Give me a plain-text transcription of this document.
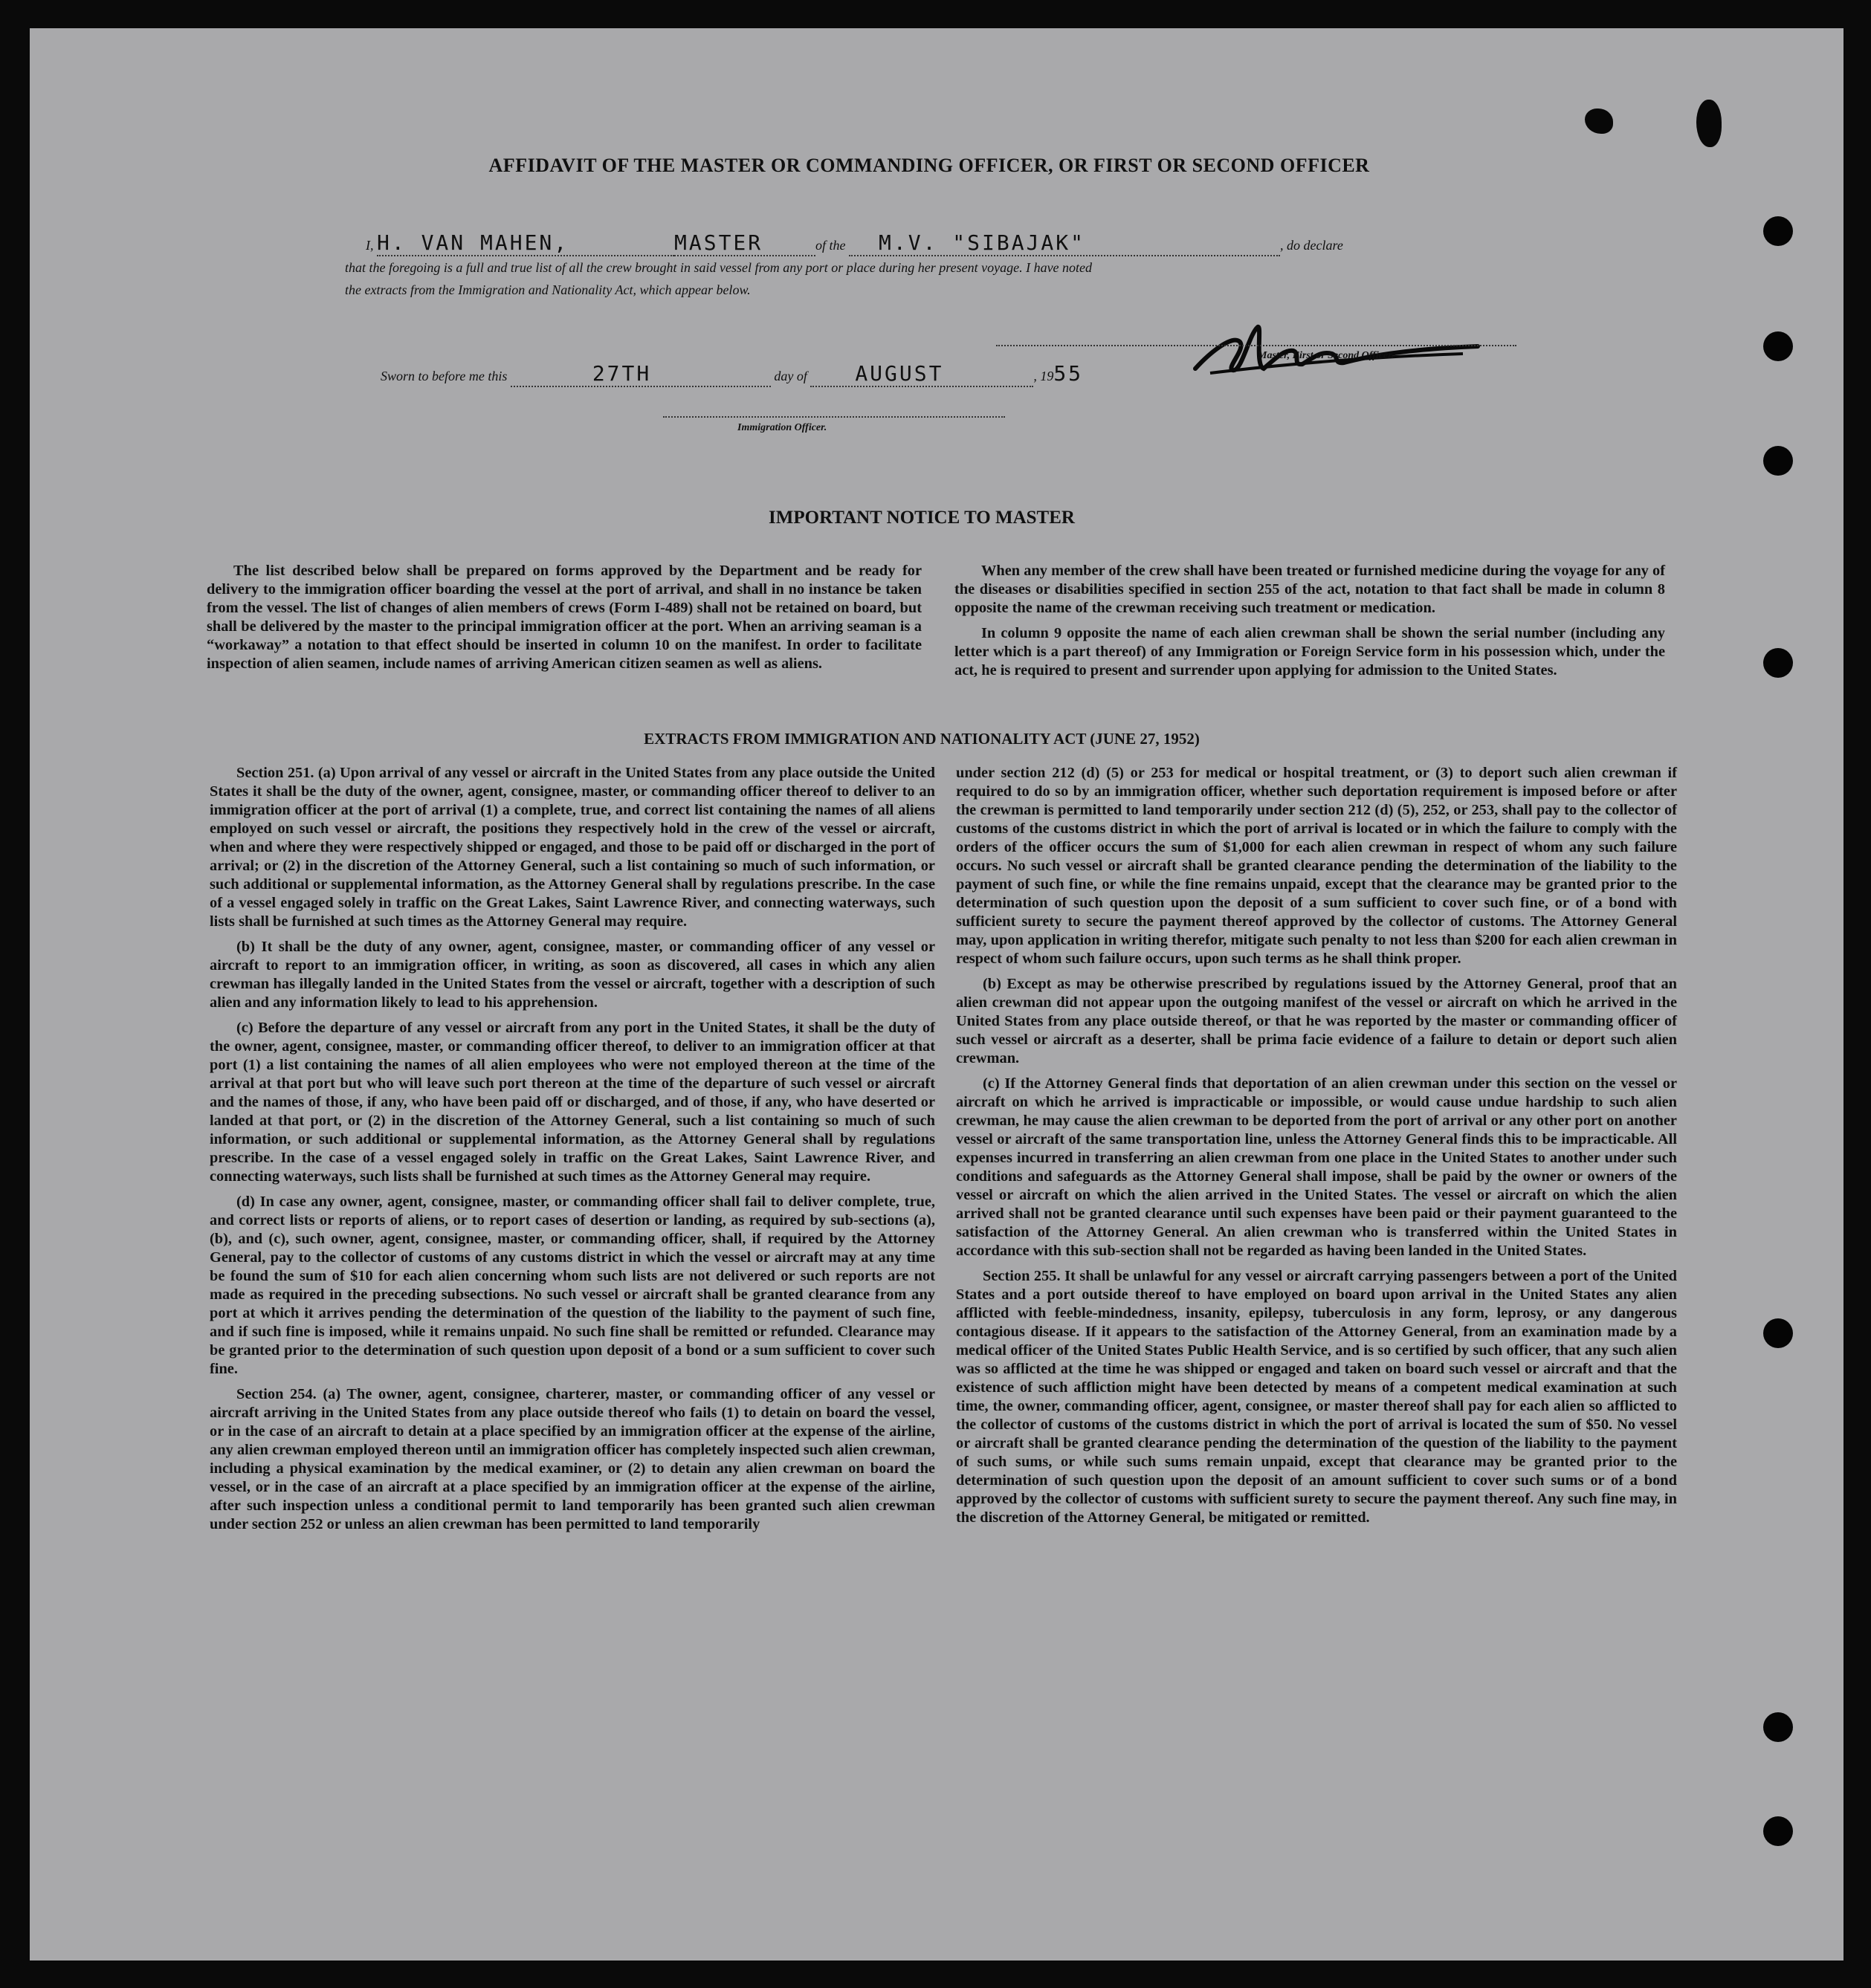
AFFIDAVIT OF THE MASTER OR COMMANDING OFFICER, OR FIRST OR SECOND OFFICER
I, H. VAN MAHEN,	MASTER	of the M.V. "SIBAJAK"	, do declare
that the foregoing is a full and true list of all the crew brought in said vessel from any port or place during her present voyage. I have noted
the extracts from the Immigration and Nationality Act, which appear below.
Master, First or Second Officer.
Sworn to before me this	27TH	day of AUGUST	, 1955
Immigration Officer.
IMPORTANT NOTICE TO MASTER

The list described below shall be prepared on forms approved by the Department and be ready for delivery to the immigration officer boarding the vessel at the port of arrival, and shall in no instance be taken from the vessel. The list of changes of alien members of crews (Form I-489) shall not be retained on board, but shall be delivered by the master to the principal immigration officer at the port. When an arriving seaman is a “workaway” a notation to that effect should be inserted in column 10 on the manifest. In order to facilitate inspection of alien seamen, include names of arriving American citizen seamen as well as aliens.

When any member of the crew shall have been treated or furnished medicine during the voyage for any of the diseases or disabilities specified in section 255 of the act, notation to that fact shall be made in column 8 opposite the name of the crewman receiving such treatment or medication.

In column 9 opposite the name of each alien crewman shall be shown the serial number (including any letter which is a part thereof) of any Immigration or Foreign Service form in his possession which, under the act, he is required to present and surrender upon applying for admission to the United States.

EXTRACTS FROM IMMIGRATION AND NATIONALITY ACT (JUNE 27, 1952)

Section 251. (a) Upon arrival of any vessel or aircraft in the United States from any place outside the United States it shall be the duty of the owner, agent, consignee, master, or commanding officer thereof to deliver to an immigration officer at the port of arrival (1) a complete, true, and correct list containing the names of all aliens employed on such vessel or aircraft, the positions they respectively hold in the crew of the vessel or aircraft, when and where they were respectively shipped or engaged, and those to be paid off or discharged in the port of arrival; or (2) in the discretion of the Attorney General, such a list containing so much of such information, or such additional or supplemental information, as the Attorney General shall by regulations prescribe. In the case of a vessel engaged solely in traffic on the Great Lakes, Saint Lawrence River, and connecting waterways, such lists shall be furnished at such times as the Attorney General may require.

(b) It shall be the duty of any owner, agent, consignee, master, or commanding officer of any vessel or aircraft to report to an immigration officer, in writing, as soon as discovered, all cases in which any alien crewman has illegally landed in the United States from the vessel or aircraft, together with a description of such alien and any information likely to lead to his apprehension.

(c) Before the departure of any vessel or aircraft from any port in the United States, it shall be the duty of the owner, agent, consignee, master, or commanding officer thereof, to deliver to an immigration officer at that port (1) a list containing the names of all alien employees who were not employed thereon at the time of the arrival at that port but who will leave such port thereon at the time of the departure of such vessel or aircraft and the names of those, if any, who have been paid off or discharged, and of those, if any, who have deserted or landed at that port, or (2) in the discretion of the Attorney General, such a list containing so much of such information, or such additional or supplemental information, as the Attorney General shall by regulations prescribe. In the case of a vessel engaged solely in traffic on the Great Lakes, Saint Lawrence River, and connecting waterways, such lists shall be furnished at such times as the Attorney General may require.

(d) In case any owner, agent, consignee, master, or commanding officer shall fail to deliver complete, true, and correct lists or reports of aliens, or to report cases of desertion or landing, as required by sub-sections (a), (b), and (c), such owner, agent, consignee, master, or commanding officer, shall, if required by the Attorney General, pay to the collector of customs of any customs district in which the vessel or aircraft may at any time be found the sum of $10 for each alien concerning whom such lists are not delivered or such reports are not made as required in the preceding subsections. No such vessel or aircraft shall be granted clearance from any port at which it arrives pending the determination of the question of the liability to the payment of such fine, and if such fine is imposed, while it remains unpaid. No such fine shall be remitted or refunded. Clearance may be granted prior to the determination of such question upon deposit of a bond or a sum sufficient to cover such fine.

Section 254. (a) The owner, agent, consignee, charterer, master, or commanding officer of any vessel or aircraft arriving in the United States from any place outside thereof who fails (1) to detain on board the vessel, or in the case of an aircraft to detain at a place specified by an immigration officer at the expense of the airline, any alien crewman employed thereon until an immigration officer has completely inspected such alien crewman, including a physical examination by the medical examiner, or (2) to detain any alien crewman on board the vessel, or in the case of an aircraft at a place specified by an immigration officer at the expense of the airline, after such inspection unless a conditional permit to land temporarily has been granted such alien crewman under section 252 or unless an alien crewman has been permitted to land temporarily

under section 212 (d) (5) or 253 for medical or hospital treatment, or (3) to deport such alien crewman if required to do so by an immigration officer, whether such deportation requirement is imposed before or after the crewman is permitted to land temporarily under section 212 (d) (5), 252, or 253, shall pay to the collector of customs of the customs district in which the port of arrival is located or in which the failure to comply with the orders of the officer occurs the sum of $1,000 for each alien crewman in respect of whom any such failure occurs. No such vessel or aircraft shall be granted clearance pending the determination of the liability to the payment of such fine, or while the fine remains unpaid, except that the clearance may be granted prior to the determination of such question upon the deposit of a sum sufficient to cover such fine, or of a bond with sufficient surety to secure the payment thereof approved by the collector of customs. The Attorney General may, upon application in writing therefor, mitigate such penalty to not less than $200 for each alien crewman in respect of whom such failure occurs, upon such terms as he shall think proper.

(b) Except as may be otherwise prescribed by regulations issued by the Attorney General, proof that an alien crewman did not appear upon the outgoing manifest of the vessel or aircraft on which he arrived in the United States from any place outside thereof, or that he was reported by the master or commanding officer of such vessel or aircraft as a deserter, shall be prima facie evidence of a failure to detain or deport such alien crewman.

(c) If the Attorney General finds that deportation of an alien crewman under this section on the vessel or aircraft on which he arrived is impracticable or impossible, or would cause undue hardship to such alien crewman, he may cause the alien crewman to be deported from the port of arrival or any other port on another vessel or aircraft of the same transportation line, unless the Attorney General finds this to be impracticable. All expenses incurred in transferring an alien crewman from one place in the United States to another under such conditions and safeguards as the Attorney General shall impose, shall be paid by the owner or owners of the vessel or aircraft on which the alien arrived in the United States. The vessel or aircraft on which the alien arrived shall not be granted clearance until such expenses have been paid or their payment guaranteed to the satisfaction of the Attorney General. An alien crewman who is transferred within the United States in accordance with this sub-section shall not be regarded as having been landed in the United States.

Section 255. It shall be unlawful for any vessel or aircraft carrying passengers between a port of the United States and a port outside thereof to have employed on board upon arrival in the United States any alien afflicted with feeble-mindedness, insanity, epilepsy, tuberculosis in any form, leprosy, or any dangerous contagious disease. If it appears to the satisfaction of the Attorney General, from an examination made by a medical officer of the United States Public Health Service, and is so certified by such officer, that any such alien was so afflicted at the time he was shipped or engaged and taken on board such vessel or aircraft and that the existence of such affliction might have been detected by means of a competent medical examination at such time, the owner, commanding officer, agent, consignee, or master thereof shall pay for each alien so afflicted to the collector of customs of the customs district in which the port of arrival is located the sum of $50. No vessel or aircraft shall be granted clearance pending the determination of the question of the liability to the payment of such sums, or while such sums remain unpaid, except that clearance may be granted prior to the determination of such question upon the deposit of an amount sufficient to cover such sums or of a bond approved by the collector of customs with sufficient surety to secure the payment thereof. Any such fine may, in the discretion of the Attorney General, be mitigated or remitted.
